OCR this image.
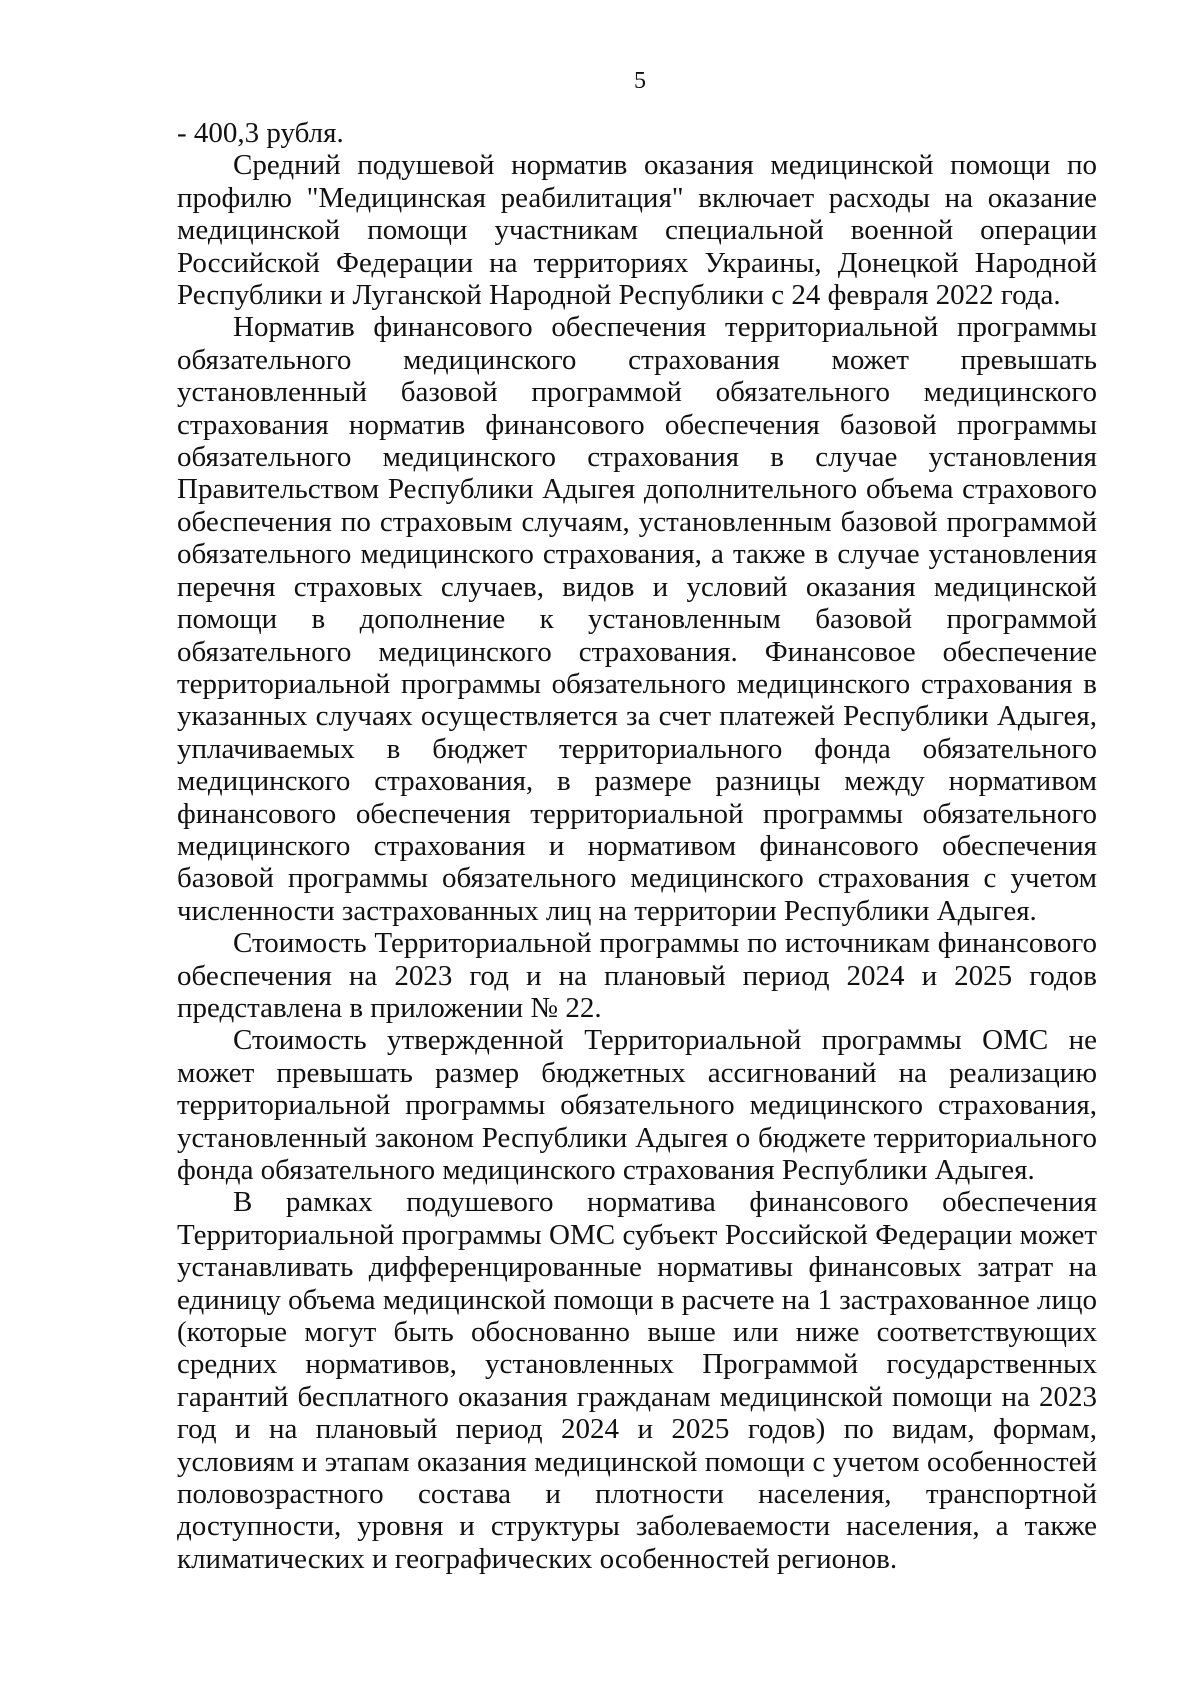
5

- 400,3 рубля.

Средний подушевой норматив оказания медицинской помощи по профилю "Медицинская реабилитация" включает расходы на оказание медицинской помощи участникам специальной военной операции Российской Федерации на территориях Украины, Донецкой Народной Республики и Луганской Народной Республики с 24 февраля 2022 года.

Норматив финансового обеспечения территориальной программы обязательного медицинского страхования может превышать установленный базовой программой обязательного медицинского страхования норматив финансового обеспечения базовой программы обязательного медицинского страхования в случае установления Правительством Республики Адыгея дополнительного объема страхового обеспечения по страховым случаям, установленным базовой программой обязательного медицинского страхования, а также в случае установления перечня страховых случаев, видов и условий оказания медицинской помощи в дополнение к установленным базовой программой обязательного медицинского страхования. Финансовое обеспечение территориальной программы обязательного медицинского страхования в указанных случаях осуществляется за счет платежей Республики Адыгея, уплачиваемых в бюджет территориального фонда обязательного медицинского страхования, в размере разницы между нормативом финансового обеспечения территориальной программы обязательного медицинского страхования и нормативом финансового обеспечения базовой программы обязательного медицинского страхования с учетом численности застрахованных лиц на территории Республики Адыгея.

Стоимость Территориальной программы по источникам финансового обеспечения на 2023 год и на плановый период 2024 и 2025 годов представлена в приложении № 22.

Стоимость утвержденной Территориальной программы ОМС не может превышать размер бюджетных ассигнований на реализацию территориальной программы обязательного медицинского страхования, установленный законом Республики Адыгея о бюджете территориального фонда обязательного медицинского страхования Республики Адыгея.

В рамках подушевого норматива финансового обеспечения Территориальной программы ОМС субъект Российской Федерации может устанавливать дифференцированные нормативы финансовых затрат на единицу объема медицинской помощи в расчете на 1 застрахованное лицо (которые могут быть обоснованно выше или ниже соответствующих средних нормативов, установленных Программой государственных гарантий бесплатного оказания гражданам медицинской помощи на 2023 год и на плановый период 2024 и 2025 годов) по видам, формам, условиям и этапам оказания медицинской помощи с учетом особенностей половозрастного состава и плотности населения, транспортной доступности, уровня и структуры заболеваемости населения, а также климатических и географических особенностей регионов.
